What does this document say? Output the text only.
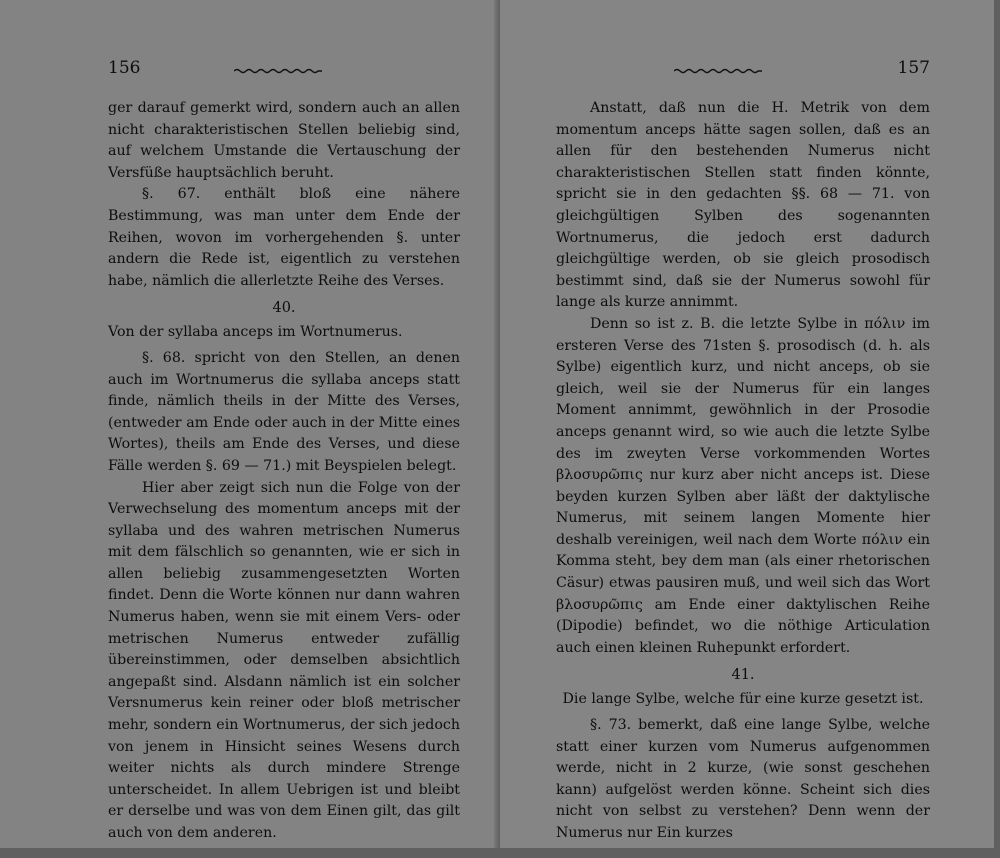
156

ger darauf gemerkt wird, sondern auch an allen nicht charakteristischen Stellen beliebig sind, auf welchem Umstande die Vertauschung der Versfüße hauptsächlich beruht.

§. 67. enthält bloß eine nähere Bestimmung, was man unter dem Ende der Reihen, wovon im vorhergehenden §. unter andern die Rede ist, eigentlich zu verstehen habe, nämlich die allerletzte Reihe des Verses.

40.
Von der syllaba anceps im Wortnumerus.

§. 68. spricht von den Stellen, an denen auch im Wortnumerus die syllaba anceps statt finde, nämlich theils in der Mitte des Verses, (entweder am Ende oder auch in der Mitte eines Wortes), theils am Ende des Verses, und diese Fälle werden §. 69 — 71.) mit Beyspielen belegt.

Hier aber zeigt sich nun die Folge von der Verwechselung des momentum anceps mit der syllaba und des wahren metrischen Numerus mit dem fälschlich so genannten, wie er sich in allen beliebig zusammengesetzten Worten findet. Denn die Worte können nur dann wahren Numerus haben, wenn sie mit einem Vers- oder metrischen Numerus entweder zufällig übereinstimmen, oder demselben absichtlich angepaßt sind. Alsdann nämlich ist ein solcher Versnumerus kein reiner oder bloß metrischer mehr, sondern ein Wortnumerus, der sich jedoch von jenem in Hinsicht seines Wesens durch weiter nichts als durch mindere Strenge unterscheidet. In allem Uebrigen ist und bleibt er derselbe und was von dem Einen gilt, das gilt auch von dem anderen.

157

Anstatt, daß nun die H. Metrik von dem momentum anceps hätte sagen sollen, daß es an allen für den bestehenden Numerus nicht charakteristischen Stellen statt finden könnte, spricht sie in den gedachten §§. 68 — 71. von gleichgültigen Sylben des sogenannten Wortnumerus, die jedoch erst dadurch gleichgültige werden, ob sie gleich prosodisch bestimmt sind, daß sie der Numerus sowohl für lange als kurze annimmt.

Denn so ist z. B. die letzte Sylbe in πόλιν im ersteren Verse des 71sten §. prosodisch (d. h. als Sylbe) eigentlich kurz, und nicht anceps, ob sie gleich, weil sie der Numerus für ein langes Moment annimmt, gewöhnlich in der Prosodie anceps genannt wird, so wie auch die letzte Sylbe des im zweyten Verse vorkommenden Wortes βλοσυρῶπις nur kurz aber nicht anceps ist. Diese beyden kurzen Sylben aber läßt der daktylische Numerus, mit seinem langen Momente hier deshalb vereinigen, weil nach dem Worte πόλιν ein Komma steht, bey dem man (als einer rhetorischen Cäsur) etwas pausiren muß, und weil sich das Wort βλοσυρῶπις am Ende einer daktylischen Reihe (Dipodie) befindet, wo die nöthige Articulation auch einen kleinen Ruhepunkt erfordert.

41.
Die lange Sylbe, welche für eine kurze gesetzt ist.

§. 73. bemerkt, daß eine lange Sylbe, welche statt einer kurzen vom Numerus aufgenommen werde, nicht in 2 kurze, (wie sonst geschehen kann) aufgelöst werden könne. Scheint sich dies nicht von selbst zu verstehen? Denn wenn der Numerus nur Ein kurzes
